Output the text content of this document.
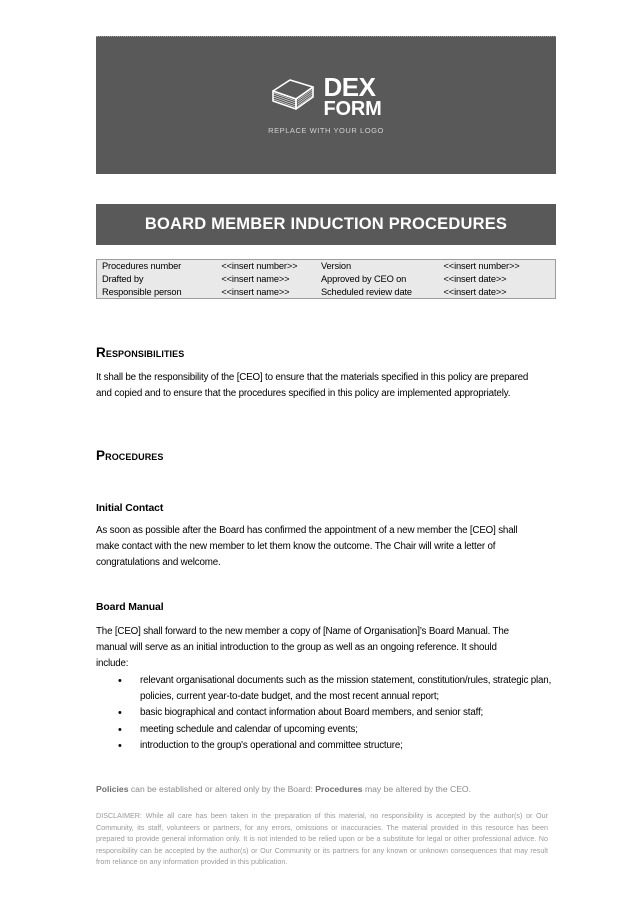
DEX
FORM
REPLACE WITH YOUR LOGO
BOARD MEMBER INDUCTION PROCEDURES
Procedures number	<<insert number>>	Version	<<insert number>>
Drafted by	<<insert name>>	Approved by CEO on	<<insert date>>
Responsible person	<<insert name>>	Scheduled review date	<<insert date>>
Responsibilities

It shall be the responsibility of the [CEO] to ensure that the materials specified in this policy are prepared and copied and to ensure that the procedures specified in this policy are implemented appropriately.

Procedures
Initial Contact

As soon as possible after the Board has confirmed the appointment of a new member the [CEO] shall make contact with the new member to let them know the outcome. The Chair will write a letter of congratulations and welcome.

Board Manual

The [CEO] shall forward to the new member a copy of [Name of Organisation]’s Board Manual. The manual will serve as an initial introduction to the group as well as an ongoing reference. It should include:

• relevant organisational documents such as the mission statement, constitution/rules, strategic plan, policies, current year-to-date budget, and the most recent annual report;
• basic biographical and contact information about Board members, and senior staff;
• meeting schedule and calendar of upcoming events;
• introduction to the group's operational and committee structure;
Policies can be established or altered only by the Board: Procedures may be altered by the CEO.
DISCLAIMER: While all care has been taken in the preparation of this material, no responsibility is accepted by the author(s) or Our Community, its staff, volunteers or partners, for any errors, omissions or inaccuracies. The material provided in this resource has been prepared to provide general information only. It is not intended to be relied upon or be a substitute for legal or other professional advice. No responsibility can be accepted by the author(s) or Our Community or its partners for any known or unknown consequences that may result from reliance on any information provided in this publication.
